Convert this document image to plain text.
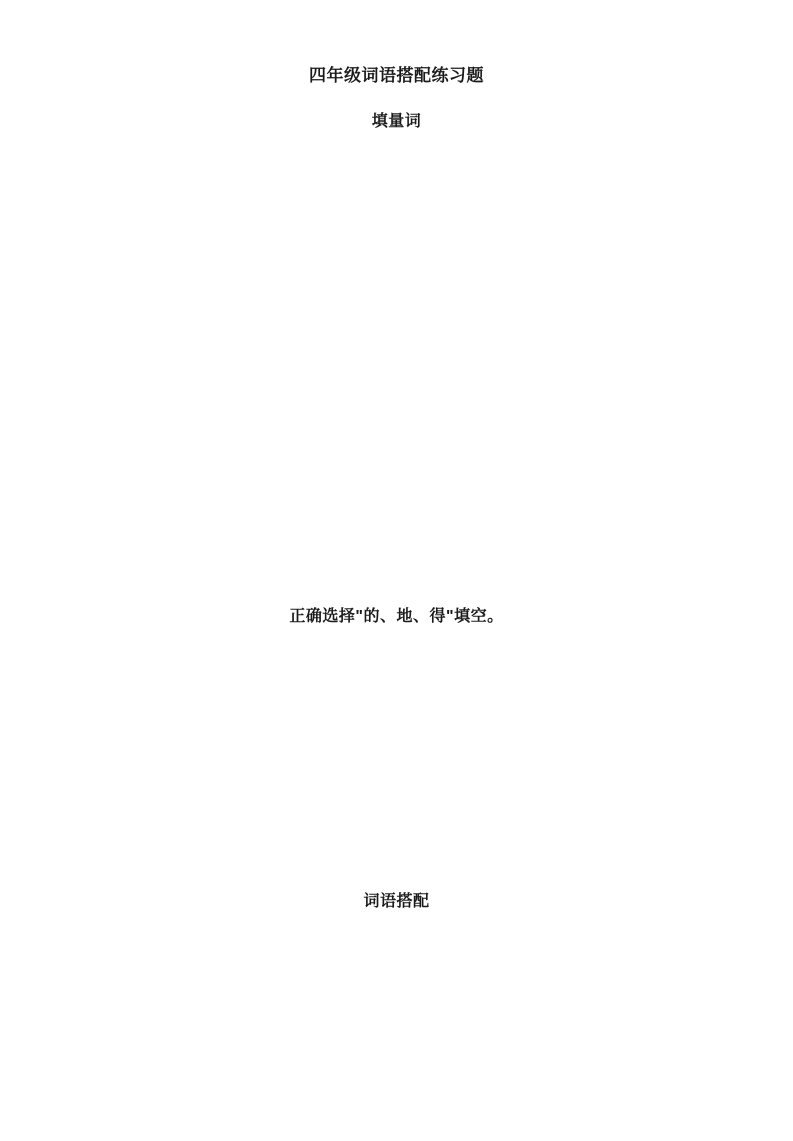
四年级词语搭配练习题
填量词
正确选择"的、地、得"填空。
词语搭配
